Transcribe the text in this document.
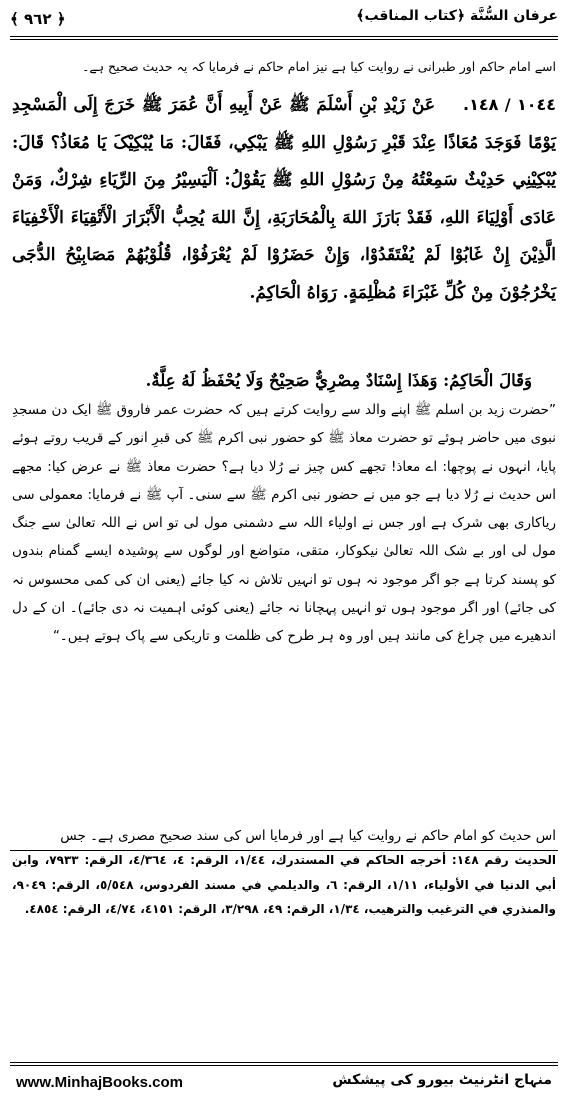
﴾ ٩٦٢ ﴿	عرفان السُّنَّة ﴿کتاب المناقب﴾
اسے امام حاکم اور طبرانی نے روایت کیا ہے نیز امام حاکم نے فرمایا کہ یہ حدیث صحیح ہے۔
١٠٤٤ / ١٤٨.عَنْ زَيْدِ بْنِ أَسْلَمَ ﷺ عَنْ أَبِيهِ أَنَّ عُمَرَ ﷺ خَرَجَ إِلَى الْمَسْجِدِ يَوْمًا فَوَجَدَ مُعَاذًا عِنْدَ قَبْرِ رَسُوْلِ اللهِ ﷺ يَبْكِي، فَقَالَ: مَا يُبْكِيْکَ يَا مُعَاذُ؟ قَالَ: يُبْكِيْنِي حَدِيْثٌ سَمِعْتُهُ مِنْ رَسُوْلِ اللهِ ﷺ يَقُوْلُ: اَلْيَسِيْرُ مِنَ الرِّيَاءِ شِرْكٌ، وَمَنْ عَادَى أَوْلِيَاءَ اللهِ، فَقَدْ بَارَزَ اللهَ بِالْمُحَارَبَةِ، إِنَّ اللهَ يُحِبُّ الْأَبْرَارَ الْأَتْقِيَاءَ الْأَخْفِيَاءَ الَّذِيْنَ إِنْ غَابُوْا لَمْ يُفْتَقَدُوْا، وَإِنْ حَضَرُوْا لَمْ يُعْرَفُوْا، قُلُوْبُهُمْ مَصَابِيْحُ الدُّجَى يَخْرُجُوْنَ مِنْ كُلِّ غَبْرَاءَ مُظْلِمَةٍ. رَوَاهُ الْحَاكِمُ.
وَقَالَ الْحَاكِمُ: وَهَذَا إِسْنَادٌ مِصْرِيٌّ صَحِيْحٌ وَلَا يُحْفَظُ لَهُ عِلَّةٌ.
”حضرت زید بن اسلم ﷺ اپنے والد سے روایت کرتے ہیں کہ حضرت عمر فاروق ﷺ ایک دن مسجدِ نبوی میں حاضر ہوئے تو حضرت معاذ ﷺ کو حضور نبی اکرم ﷺ کی قبرِ انور کے قریب روتے ہوئے پایا، انہوں نے پوچھا: اے معاذ! تجھے کس چیز نے رُلا دیا ہے؟ حضرت معاذ ﷺ نے عرض کیا: مجھے اس حدیث نے رُلا دیا ہے جو میں نے حضور نبی اکرم ﷺ سے سنی۔ آپ ﷺ نے فرمایا: معمولی سی ریاکاری بھی شرک ہے اور جس نے اولیاء اللہ سے دشمنی مول لی تو اس نے اللہ تعالیٰ سے جنگ مول لی اور بے شک اللہ تعالیٰ نیکوکار، متقی، متواضع اور لوگوں سے پوشیدہ ایسے گمنام بندوں کو پسند کرتا ہے جو اگر موجود نہ ہوں تو انہیں تلاش نہ کیا جائے (یعنی ان کی کمی محسوس نہ کی جائے) اور اگر موجود ہوں تو انہیں پہچانا نہ جائے (یعنی کوئی اہمیت نہ دی جائے)۔ ان کے دل اندھیرے میں چراغ کی مانند ہیں اور وہ ہر طرح کی ظلمت و تاریکی سے پاک ہوتے ہیں۔“
اس حدیث کو امام حاکم نے روایت کیا ہے اور فرمایا اس کی سند صحیح مصری ہے۔ جس
الحديث رقم ١٤٨: أخرجه الحاكم في المستدرك، ١/٤٤، الرقم: ٤، ٤/٣٦٤، الرقم: ٧٩٣٣، وابن أبي الدنيا في الأولياء، ١/١١، الرقم: ٦، والديلمي في مسند الفردوس، ٥/٥٤٨، الرقم: ٩٠٤٩، والمنذري في الترغيب والترهيب، ١/٣٤، الرقم: ٤٩، ٣/٢٩٨، الرقم: ٤١٥١، ٤/٧٤، الرقم: ٤٨٥٤.
www.MinhajBooks.com	منہاج انٹرنیٹ بیورو کی پیشکش
